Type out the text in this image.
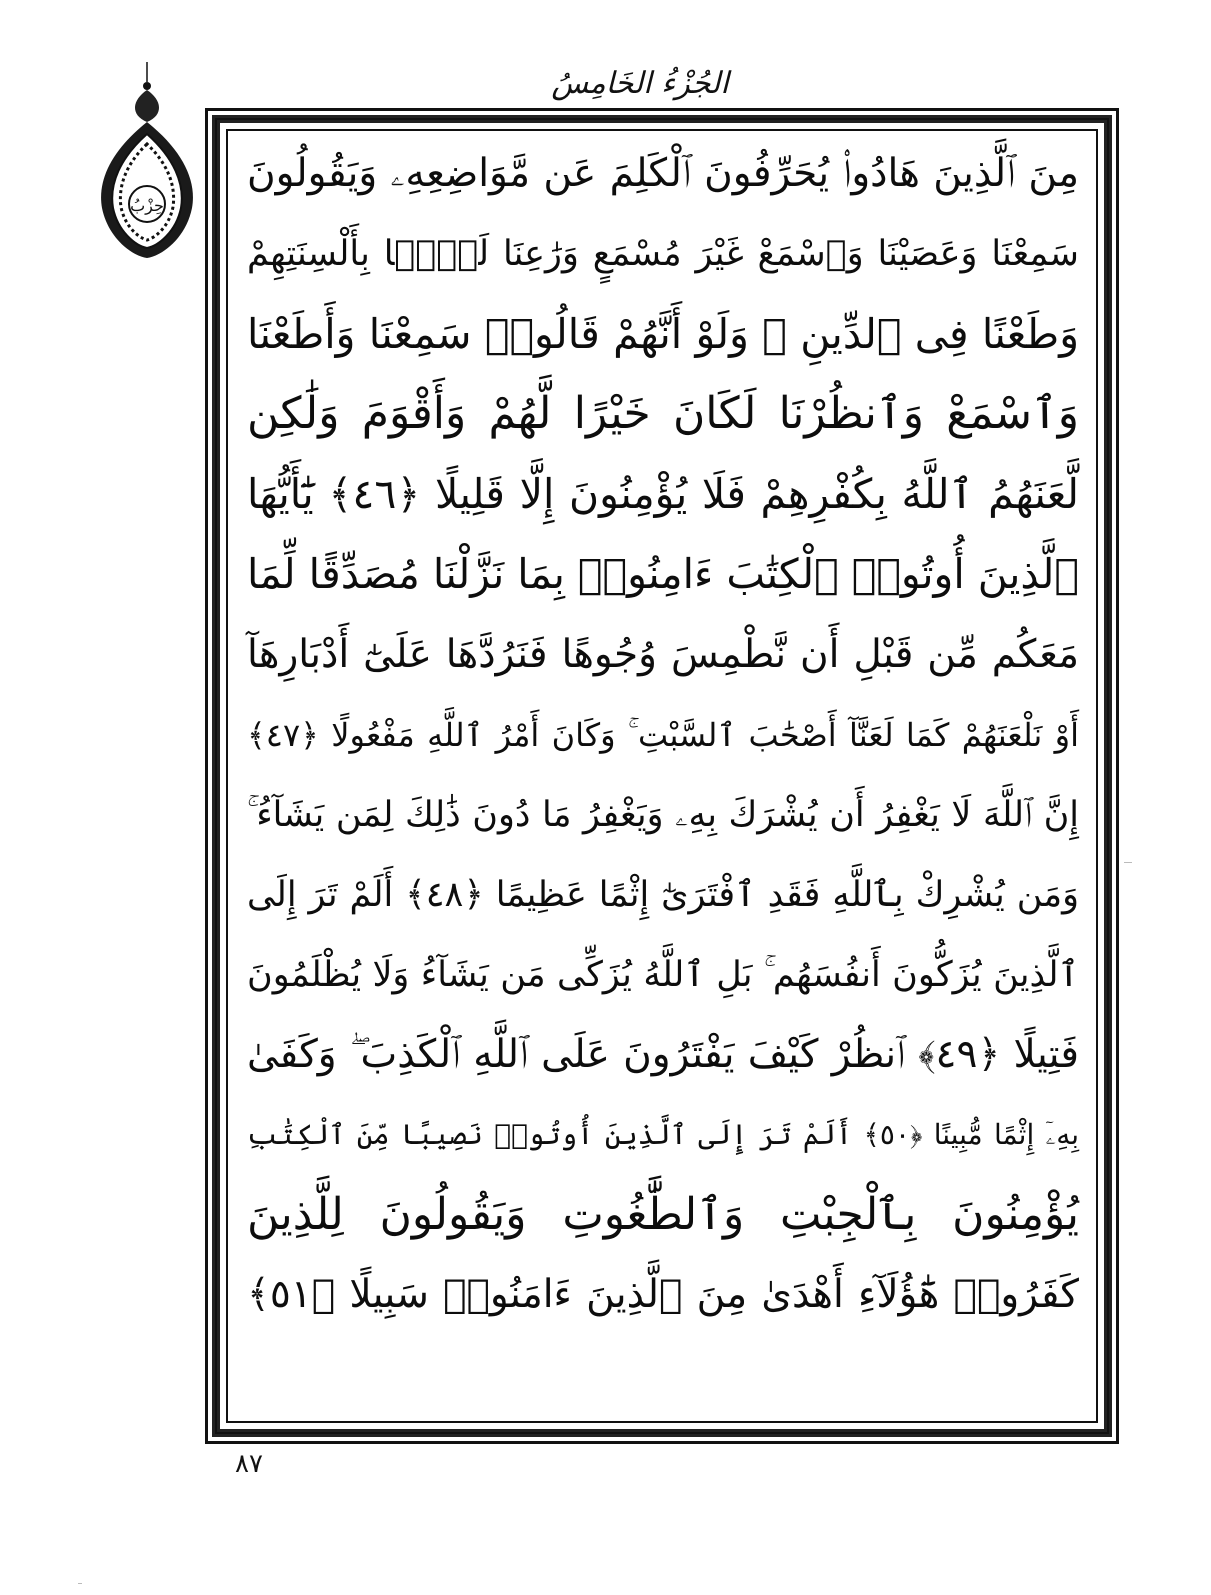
الجُزْءُ الخَامِسُ
حِزْبُ
مِنَ ٱلَّذِينَ هَادُوا۟ يُحَرِّفُونَ ٱلْكَلِمَ عَن مَّوَاضِعِهِۦ وَيَقُولُونَ
سَمِعْنَا وَعَصَيْنَا وَٱسْمَعْ غَيْرَ مُسْمَعٍ وَرَٰعِنَا لَيًّۢا بِأَلْسِنَتِهِمْ
وَطَعْنًا فِى ٱلدِّينِ ۚ وَلَوْ أَنَّهُمْ قَالُوا۟ سَمِعْنَا وَأَطَعْنَا
وَٱسْمَعْ وَٱنظُرْنَا لَكَانَ خَيْرًا لَّهُمْ وَأَقْوَمَ وَلَٰكِن
لَّعَنَهُمُ ٱللَّهُ بِكُفْرِهِمْ فَلَا يُؤْمِنُونَ إِلَّا قَلِيلًا ﴿٤٦﴾ يَٰٓأَيُّهَا
ٱلَّذِينَ أُوتُوا۟ ٱلْكِتَٰبَ ءَامِنُوا۟ بِمَا نَزَّلْنَا مُصَدِّقًا لِّمَا
مَعَكُم مِّن قَبْلِ أَن نَّطْمِسَ وُجُوهًا فَنَرُدَّهَا عَلَىٰٓ أَدْبَارِهَآ
أَوْ نَلْعَنَهُمْ كَمَا لَعَنَّآ أَصْحَٰبَ ٱلسَّبْتِ ۚ وَكَانَ أَمْرُ ٱللَّهِ مَفْعُولًا ﴿٤٧﴾
إِنَّ ٱللَّهَ لَا يَغْفِرُ أَن يُشْرَكَ بِهِۦ وَيَغْفِرُ مَا دُونَ ذَٰلِكَ لِمَن يَشَآءُ ۚ
وَمَن يُشْرِكْ بِٱللَّهِ فَقَدِ ٱفْتَرَىٰٓ إِثْمًا عَظِيمًا ﴿٤٨﴾ أَلَمْ تَرَ إِلَى
ٱلَّذِينَ يُزَكُّونَ أَنفُسَهُم ۚ بَلِ ٱللَّهُ يُزَكِّى مَن يَشَآءُ وَلَا يُظْلَمُونَ
فَتِيلًا ﴿٤٩﴾ ٱنظُرْ كَيْفَ يَفْتَرُونَ عَلَى ٱللَّهِ ٱلْكَذِبَ ۖ وَكَفَىٰ
بِهِۦٓ إِثْمًا مُّبِينًا ﴿٥٠﴾ أَلَمْ تَرَ إِلَى ٱلَّذِينَ أُوتُوا۟ نَصِيبًا مِّنَ ٱلْكِتَٰبِ
يُؤْمِنُونَ بِٱلْجِبْتِ وَٱلطَّٰغُوتِ وَيَقُولُونَ لِلَّذِينَ
كَفَرُوا۟ هَٰٓؤُلَآءِ أَهْدَىٰ مِنَ ٱلَّذِينَ ءَامَنُوا۟ سَبِيلًا ﴿٥١﴾
٨٧
